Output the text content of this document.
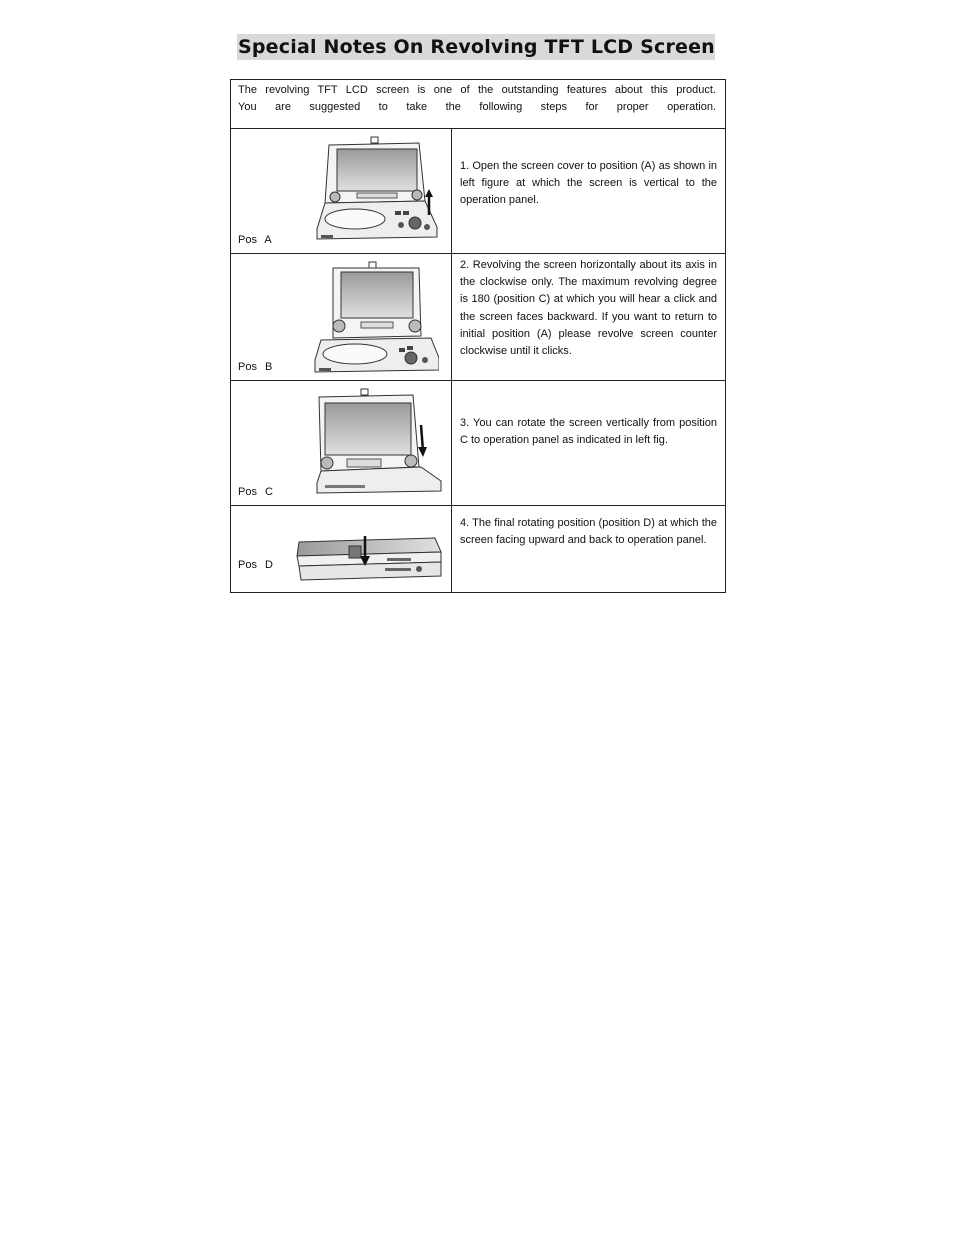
Special Notes On Revolving TFT LCD Screen
The revolving TFT LCD screen is one of the outstanding features about this product.
You are suggested to take the following steps for proper operation.	

Pos A	1. Open the screen cover to position (A) as shown in left figure at which the screen is vertical to the operation panel.

Pos B	2. Revolving the screen horizontally about its axis in the clockwise only. The maximum revolving degree is 180 (position C) at which you will hear a click and the screen faces backward. If you want to return to initial position (A) please revolve screen counter clockwise until it clicks.

Pos C	3. You can rotate the screen vertically from position C to operation panel as indicated in left fig.

Pos D	4. The final rotating position (position D) at which the screen facing upward and back to operation panel.
